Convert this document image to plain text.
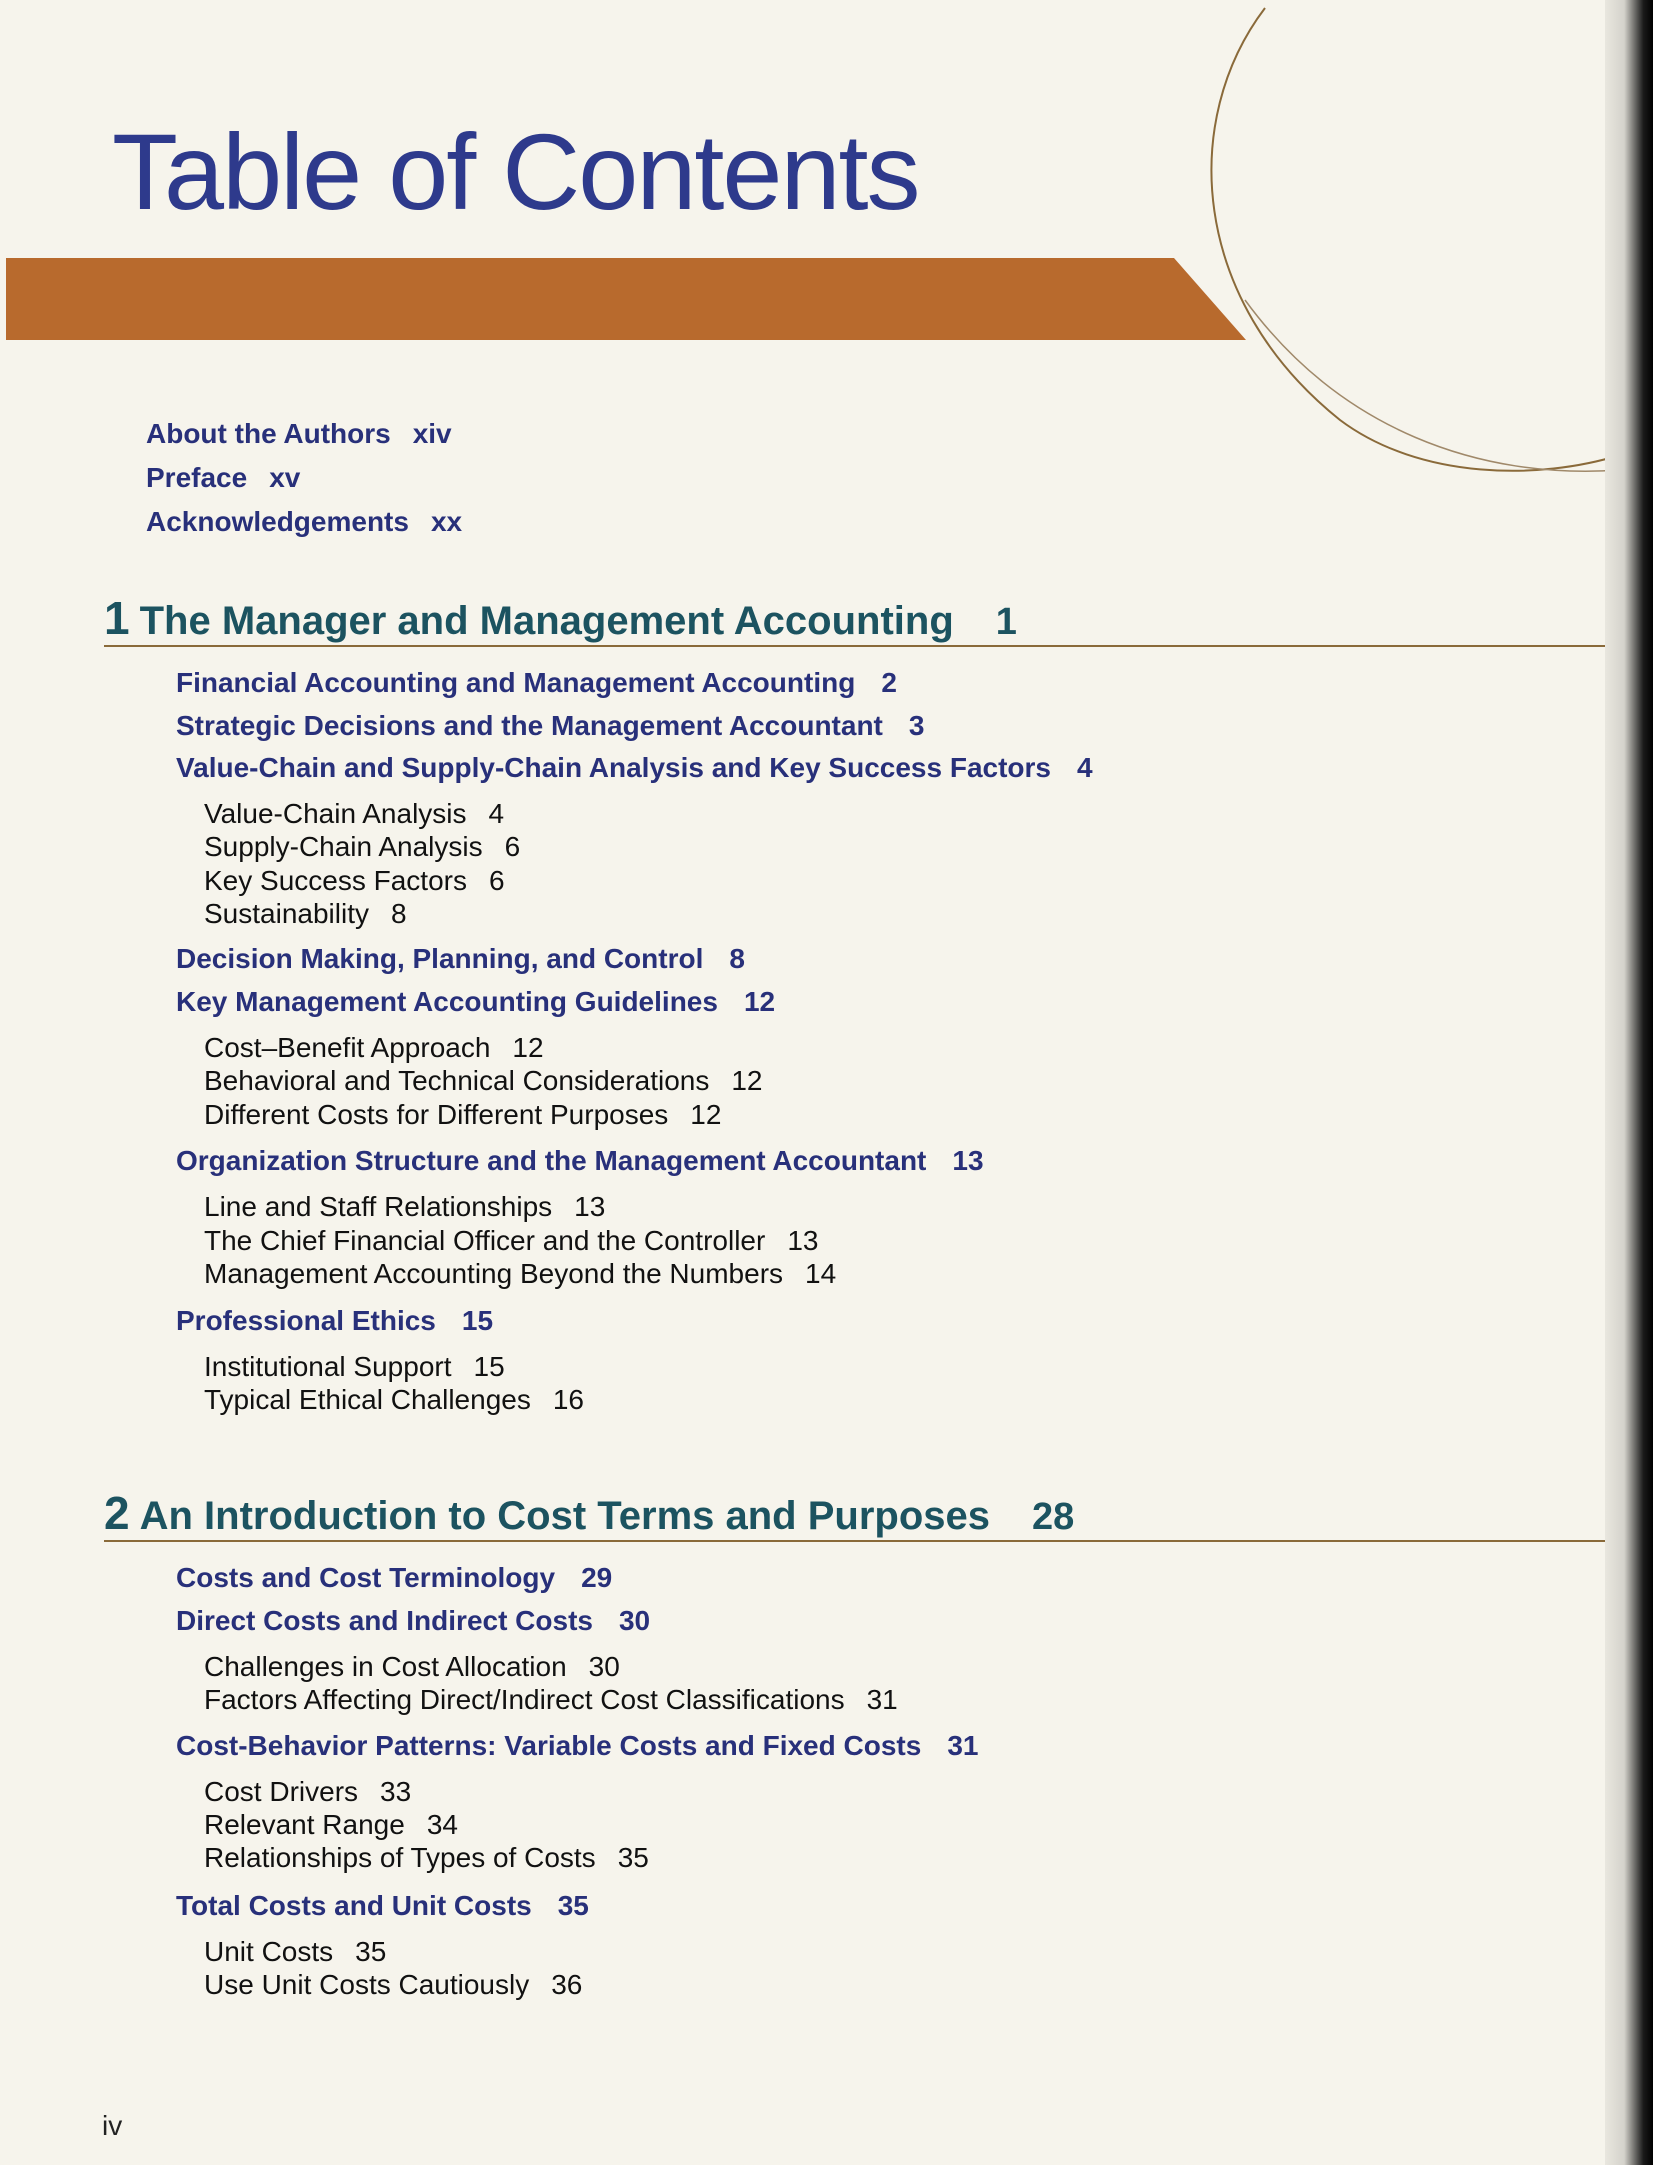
Table of Contents
About the Authors xiv
Preface xv
Acknowledgements xx
1 The Manager and Management Accounting 1
Financial Accounting and Management Accounting 2
Strategic Decisions and the Management Accountant 3
Value-Chain and Supply-Chain Analysis and Key Success Factors 4
Value-Chain Analysis 4
Supply-Chain Analysis 6
Key Success Factors 6
Sustainability 8
Decision Making, Planning, and Control 8
Key Management Accounting Guidelines 12
Cost–Benefit Approach 12
Behavioral and Technical Considerations 12
Different Costs for Different Purposes 12
Organization Structure and the Management Accountant 13
Line and Staff Relationships 13
The Chief Financial Officer and the Controller 13
Management Accounting Beyond the Numbers 14
Professional Ethics 15
Institutional Support 15
Typical Ethical Challenges 16
2 An Introduction to Cost Terms and Purposes 28
Costs and Cost Terminology 29
Direct Costs and Indirect Costs 30
Challenges in Cost Allocation 30
Factors Affecting Direct/Indirect Cost Classifications 31
Cost-Behavior Patterns: Variable Costs and Fixed Costs 31
Cost Drivers 33
Relevant Range 34
Relationships of Types of Costs 35
Total Costs and Unit Costs 35
Unit Costs 35
Use Unit Costs Cautiously 36
iv
